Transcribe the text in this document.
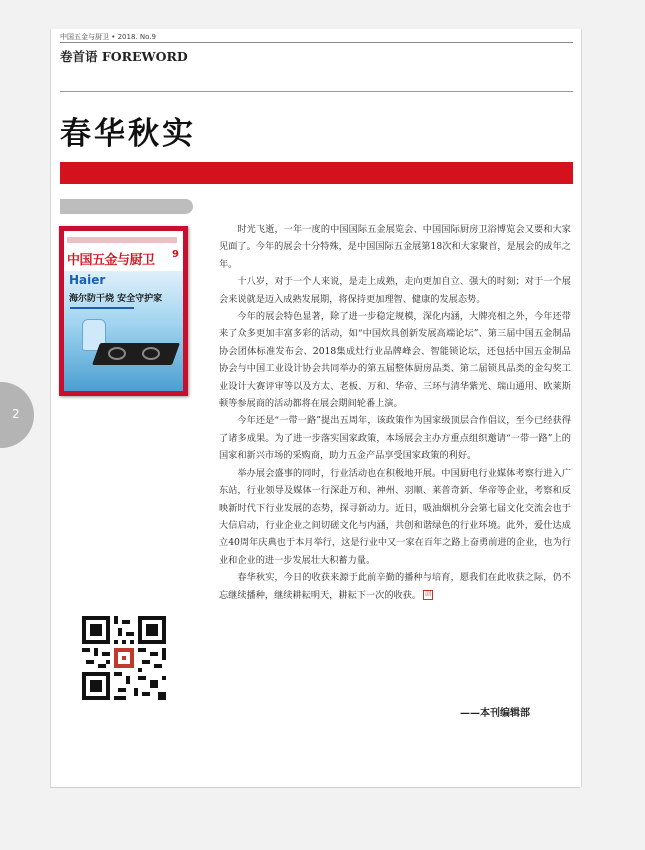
中国五金与厨卫 • 2018. No.9
卷首语 FOREWORD
春华秋实
2
中国五金与厨卫 9
Haier
海尔防干烧 安全守护家

时光飞逝，一年一度的中国国际五金展览会、中国国际厨房卫浴博览会又要和大家见面了。今年的展会十分特殊，是中国国际五金展第18次和大家聚首，是展会的成年之年。

十八岁，对于一个人来说，是走上成熟，走向更加自立、强大的时刻；对于一个展会来说就是迈入成熟发展期，将保持更加理智、健康的发展态势。

今年的展会特色显著，除了进一步稳定规模，深化内涵，大牌亮相之外，今年还带来了众多更加丰富多彩的活动，如“中国炊具创新发展高端论坛”、第三届中国五金制品协会团体标准发布会、2018集成灶行业品牌峰会、智能锁论坛，还包括中国五金制品协会与中国工业设计协会共同举办的第五届整体厨房品类、第二届锁具品类的金勾奖工业设计大赛评审等以及方太、老板、万和、华帝、三环与清华紫光、瑞山通用、欧莱斯顿等参展商的活动都将在展会期间轮番上演。

今年还是“一带一路”提出五周年，该政策作为国家级顶层合作倡议，至今已经获得了诸多成果。为了进一步落实国家政策，本场展会主办方重点组织邀请“一带一路”上的国家和新兴市场的采购商，助力五金产品享受国家政策的利好。

举办展会盛事的同时，行业活动也在积极地开展。中国厨电行业媒体考察行进入广东站，行业领导及媒体一行深赴万和、神州、羽顺、莱普奇新、华帝等企业，考察和反映新时代下行业发展的态势，探寻新动力。近日，吸油烟机分会第七届文化交流会也于大信启动，行业企业之间切磋文化与内涵，共创和谐绿色的行业环境。此外，爱仕达成立40周年庆典也于本月举行，这是行业中又一家在百年之路上奋勇前进的企业，也为行业和企业的进一步发展壮大积蓄力量。

春华秋实，今日的收获来源于此前辛勤的播种与培育，愿我们在此收获之际，仍不忘继续播种，继续耕耘明天，耕耘下一次的收获。 回

——本刊编辑部
